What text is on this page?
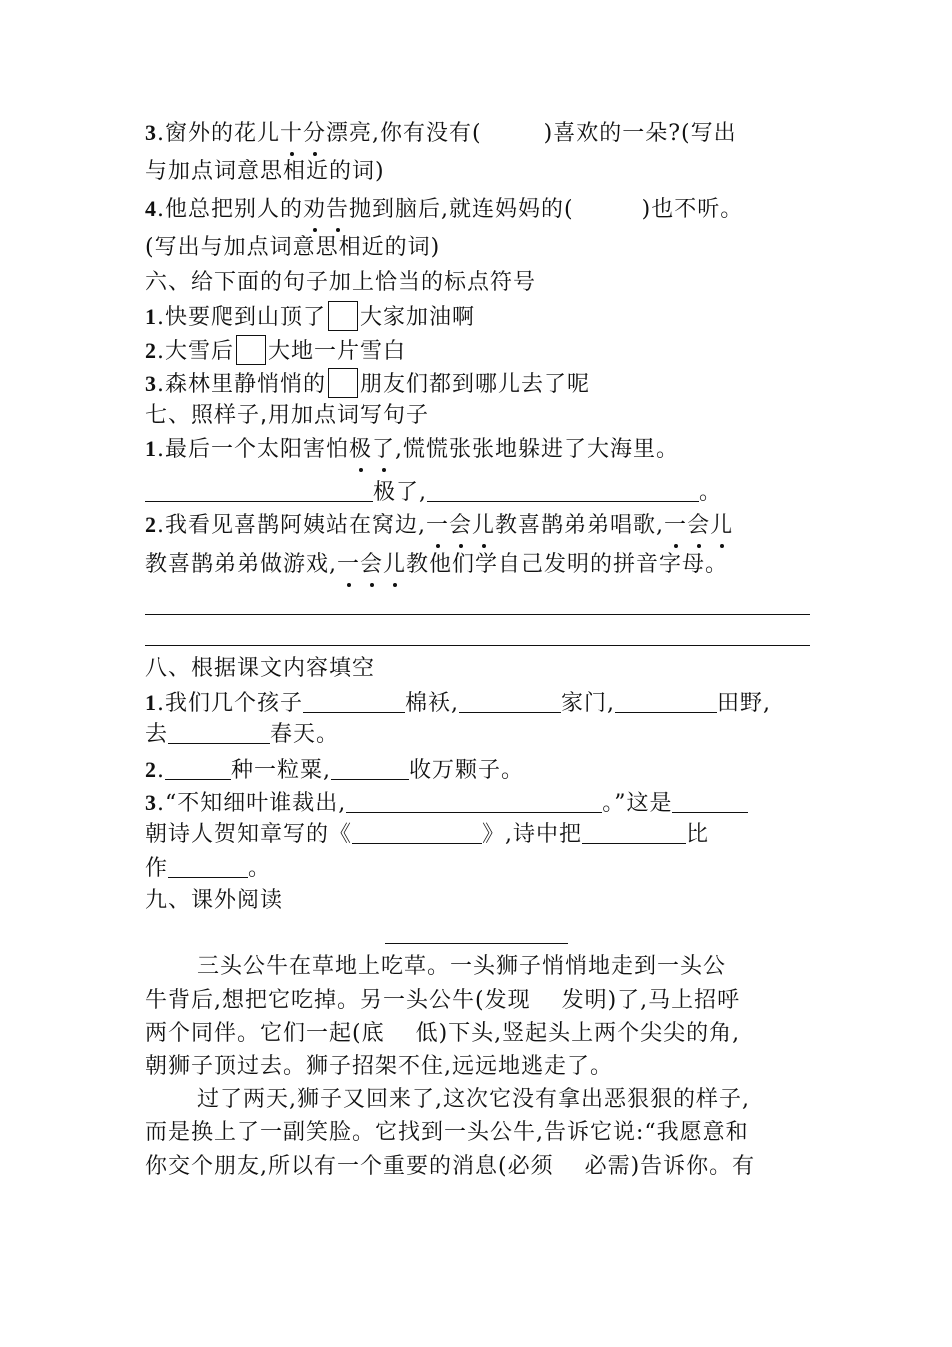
3.窗外的花儿十分漂亮,你有没有(	)喜欢的一朵?(写出
与加点词意思相近的词)
4.他总把别人的劝告抛到脑后,就连妈妈的(	)也不听。
(写出与加点词意思相近的词)
六、给下面的句子加上恰当的标点符号
1.快要爬到山顶了 大家加油啊
2.大雪后 大地一片雪白
3.森林里静悄悄的 朋友们都到哪儿去了呢
七、照样子,用加点词写句子
1.最后一个太阳害怕极了,慌慌张张地躲进了大海里。
极了,	。
2.我看见喜鹊阿姨站在窝边,一会儿教喜鹊弟弟唱歌,一会儿
教喜鹊弟弟做游戏,一会儿教他们学自己发明的拼音字母。
八、根据课文内容填空
1.我们几个孩子	棉袄,	家门,	田野,
去	春天。
2.	种一粒粟,	收万颗子。
3.“不知细叶谁裁出,	。”这是
朝诗人贺知章写的《	》,诗中把	比
作	。
九、课外阅读
三头公牛在草地上吃草。一头狮子悄悄地走到一头公
牛背后,想把它吃掉。另一头公牛(发现　 发明)了,马上招呼
两个同伴。它们一起(底　 低)下头,竖起头上两个尖尖的角,
朝狮子顶过去。狮子招架不住,远远地逃走了。
过了两天,狮子又回来了,这次它没有拿出恶狠狠的样子,
而是换上了一副笑脸。它找到一头公牛,告诉它说:“我愿意和
你交个朋友,所以有一个重要的消息(必须　 必需)告诉你。有
